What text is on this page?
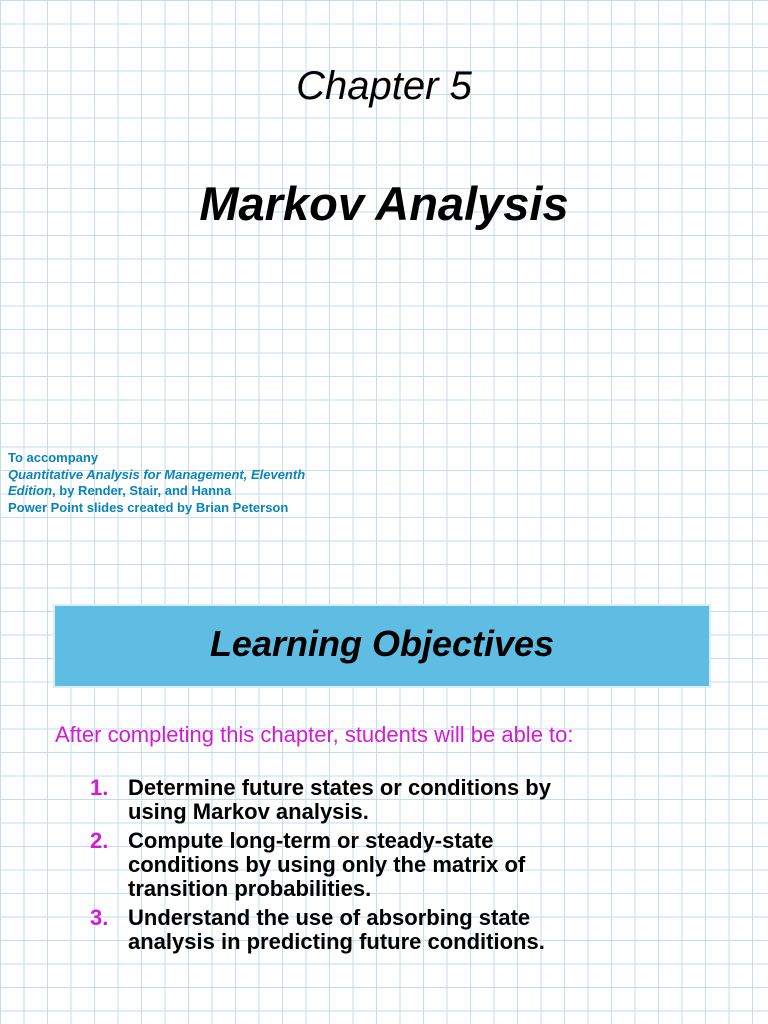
Chapter 5
Markov Analysis
To accompany
Quantitative Analysis for Management, Eleventh
Edition, by Render, Stair, and Hanna
Power Point slides created by Brian Peterson
Learning Objectives
After completing this chapter, students will be able to:
1. Determine future states or conditions by
using Markov analysis.
2. Compute long-term or steady-state
conditions by using only the matrix of
transition probabilities.
3. Understand the use of absorbing state
analysis in predicting future conditions.
